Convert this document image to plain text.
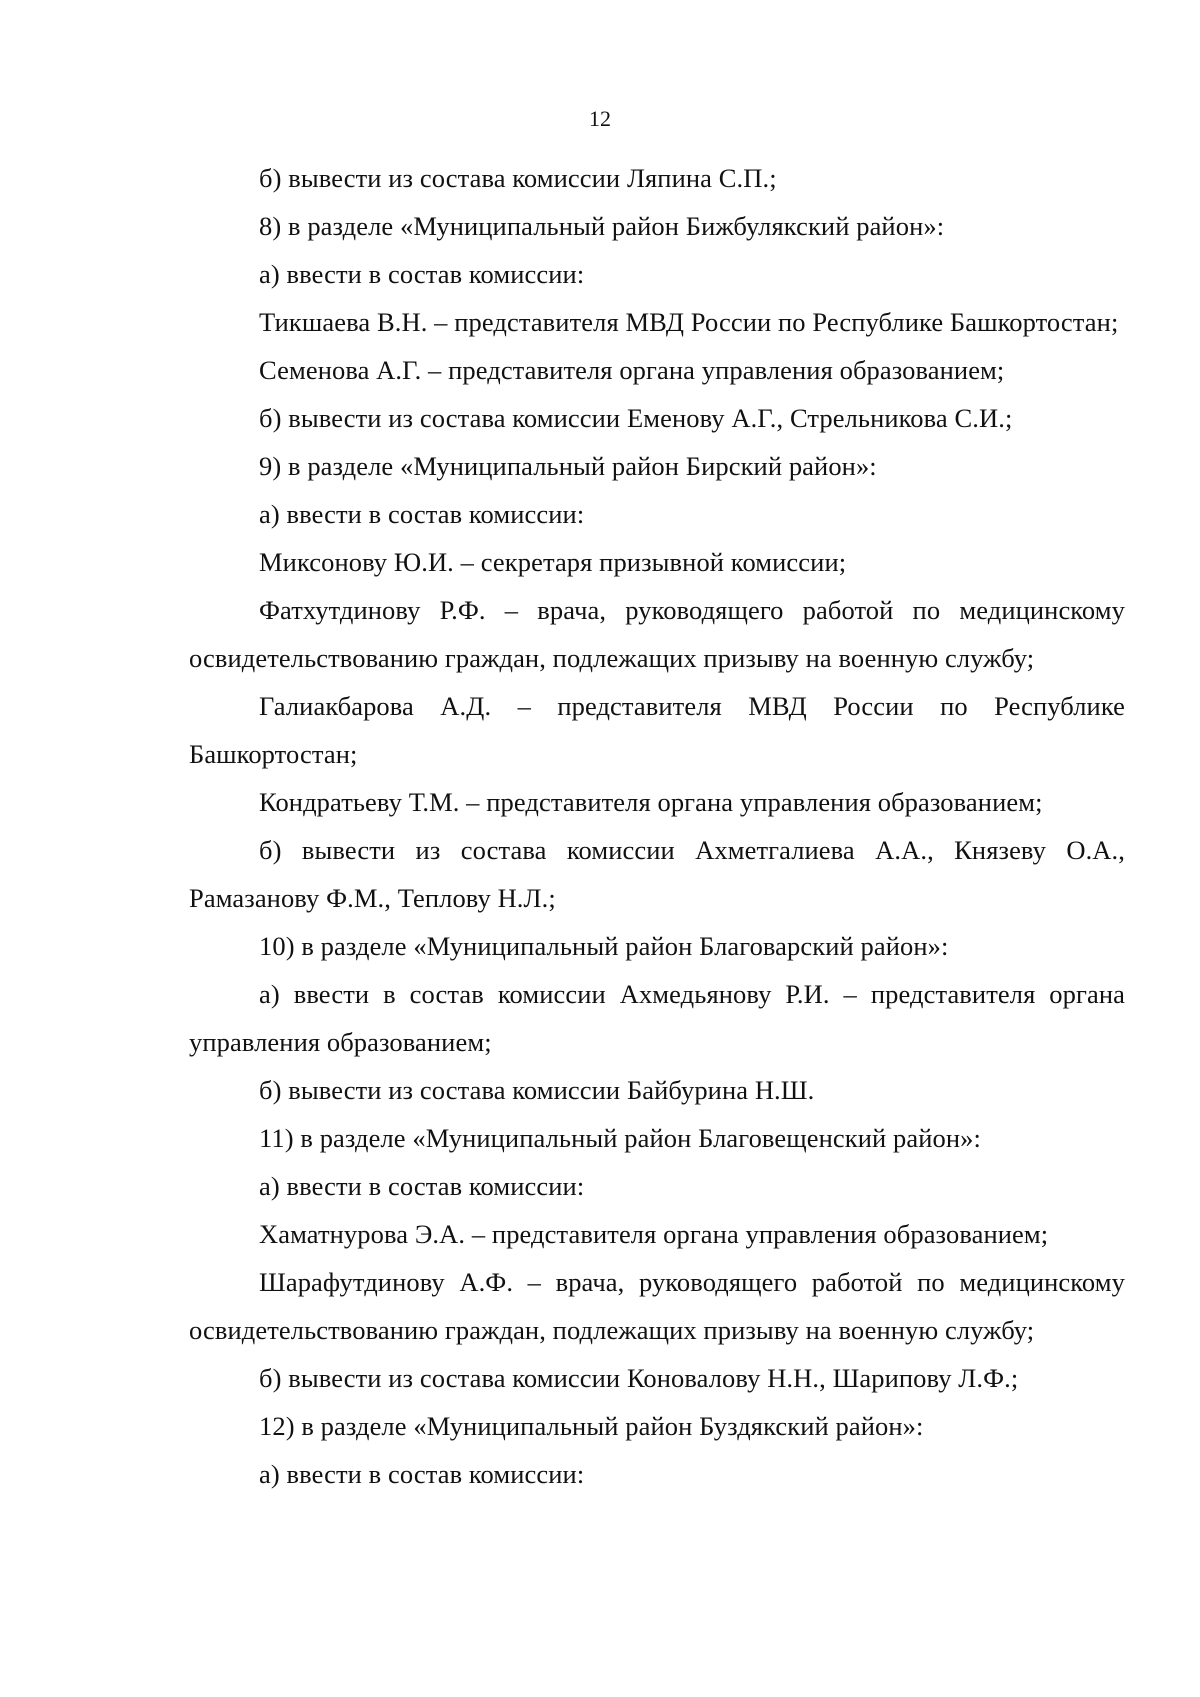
12

б) вывести из состава комиссии Ляпина С.П.;

8) в разделе «Муниципальный район Бижбулякский район»:

а) ввести в состав комиссии:

Тикшаева В.Н. – представителя МВД России по Республике Башкортостан;

Семенова А.Г. – представителя органа управления образованием;

б) вывести из состава комиссии Еменову А.Г., Стрельникова С.И.;

9) в разделе «Муниципальный район Бирский район»:

а) ввести в состав комиссии:

Миксонову Ю.И. – секретаря призывной комиссии;

Фатхутдинову Р.Ф. – врача, руководящего работой по медицинскому освидетельствованию граждан, подлежащих призыву на военную службу;

Галиакбарова А.Д. – представителя МВД России по Республике Башкортостан;

Кондратьеву Т.М. – представителя органа управления образованием;

б) вывести из состава комиссии Ахметгалиева А.А., Князеву О.А., Рамазанову Ф.М., Теплову Н.Л.;

10) в разделе «Муниципальный район Благоварский район»:

а) ввести в состав комиссии Ахмедьянову Р.И. – представителя органа управления образованием;

б) вывести из состава комиссии Байбурина Н.Ш.

11) в разделе «Муниципальный район Благовещенский район»:

а) ввести в состав комиссии:

Хаматнурова Э.А. – представителя органа управления образованием;

Шарафутдинову А.Ф. – врача, руководящего работой по медицинскому освидетельствованию граждан, подлежащих призыву на военную службу;

б) вывести из состава комиссии Коновалову Н.Н., Шарипову Л.Ф.;

12) в разделе «Муниципальный район Буздякский район»:

а) ввести в состав комиссии:
